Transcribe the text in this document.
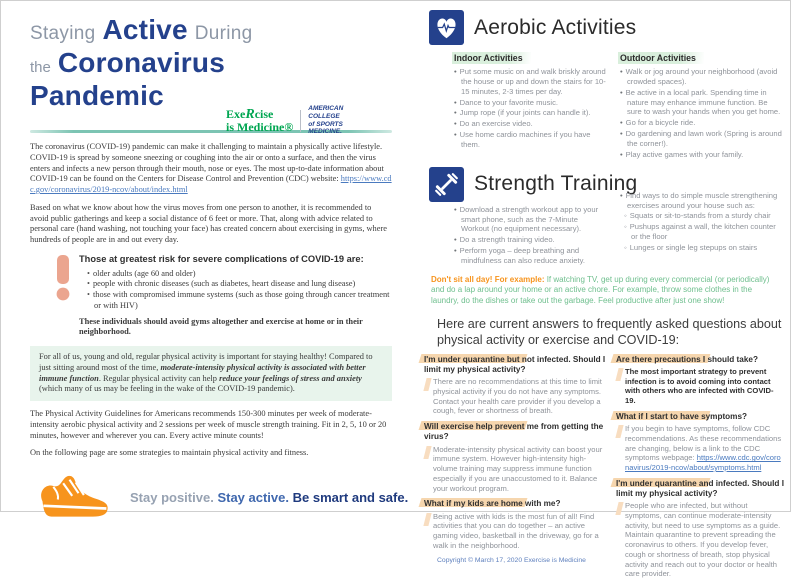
Staying Active During
the Coronavirus
Pandemic
ExeRcise
is Medicine®
AMERICAN COLLEGE
of SPORTS MEDICINE.

The coronavirus (COVID-19) pandemic can make it challenging to maintain a physically active lifestyle. COVID-19 is spread by someone sneezing or coughing into the air or onto a surface, and then the virus enters and infects a new person through their mouth, nose or eyes. The most up-to-date information about COVID-19 can be found on the Centers for Disease Control and Prevention (CDC) website: https://www.cdc.gov/coronavirus/2019-ncov/about/index.html

Based on what we know about how the virus moves from one person to another, it is recommended to avoid public gatherings and keep a social distance of 6 feet or more. That, along with advice related to personal care (hand washing, not touching your face) has created concern about exercising in gyms, where hundreds of people are in and out every day.

Those at greatest risk for severe complications of COVID-19 are:
• older adults (age 60 and older)
• people with chronic diseases (such as diabetes, heart disease and lung disease)
• those with compromised immune systems (such as those going through cancer treatment or with HIV)
These individuals should avoid gyms altogether and exercise at home or in their neighborhood.
For all of us, young and old, regular physical activity is important for staying healthy! Compared to just sitting around most of the time, moderate-intensity physical activity is associated with better immune function. Regular physical activity can help reduce your feelings of stress and anxiety (which many of us may be feeling in the wake of the COVID-19 pandemic).

The Physical Activity Guidelines for Americans recommends 150-300 minutes per week of moderate-intensity aerobic physical activity and 2 sessions per week of muscle strength training. Fit in 2, 5, 10 or 20 minutes, however and wherever you can. Every active minute counts!

On the following page are some strategies to maintain physical activity and fitness.

Stay positive. Stay active. Be smart and safe.
Aerobic Activities
Indoor Activities
• Put some music on and walk briskly around the house or up and down the stairs for 10-15 minutes, 2-3 times per day.
• Dance to your favorite music.
• Jump rope (if your joints can handle it).
• Do an exercise video.
• Use home cardio machines if you have them.
Outdoor Activities
• Walk or jog around your neighborhood (avoid crowded spaces).
• Be active in a local park. Spending time in nature may enhance immune function. Be sure to wash your hands when you get home.
• Go for a bicycle ride.
• Do gardening and lawn work (Spring is around the corner!).
• Play active games with your family.
Strength Training
• Download a strength workout app to your smart phone, such as the 7-Minute Workout (no equipment necessary).
• Do a strength training video.
• Perform yoga – deep breathing and mindfulness can also reduce anxiety.
• Find ways to do simple muscle strengthening exercises around your house such as:
◦ Squats or sit-to-stands from a sturdy chair
◦ Pushups against a wall, the kitchen counter or the floor
◦ Lunges or single leg stepups on stairs
Don't sit all day! For example: If watching TV, get up during every commercial (or periodically) and do a lap around your home or an active chore. For example, throw some clothes in the laundry, do the dishes or take out the garbage. Feel productive after just one show!
Here are current answers to frequently asked questions about physical activity or exercise and COVID-19:
I'm under quarantine but not infected. Should I limit my physical activity?
There are no recommendations at this time to limit physical activity if you do not have any symptoms. Contact your health care provider if you develop a cough, fever or shortness of breath.
Will exercise help prevent me from getting the virus?
Moderate-intensity physical activity can boost your immune system. However high-intensity high-volume training may suppress immune function especially if you are unaccustomed to it. Balance your workout program.
What if my kids are home with me?
Being active with kids is the most fun of all! Find activities that you can do together – an active gaming video, basketball in the driveway, go for a walk in the neighborhood.
Copyright © March 17, 2020 Exercise is Medicine
Are there precautions I should take?
The most important strategy to prevent infection is to avoid coming into contact with others who are infected with COVID-19.
What if I start to have symptoms?
If you begin to have symptoms, follow CDC recommendations. As these recommendations are changing, below is a link to the CDC symptoms webpage: https://www.cdc.gov/coronavirus/2019-ncov/about/symptoms.html
I'm under quarantine and infected. Should I limit my physical activity?
People who are infected, but without symptoms, can continue moderate-intensity activity, but need to use symptoms as a guide. Maintain quarantine to prevent spreading the coronavirus to others. If you develop fever, cough or shortness of breath, stop physical activity and reach out to your doctor or health care provider.
